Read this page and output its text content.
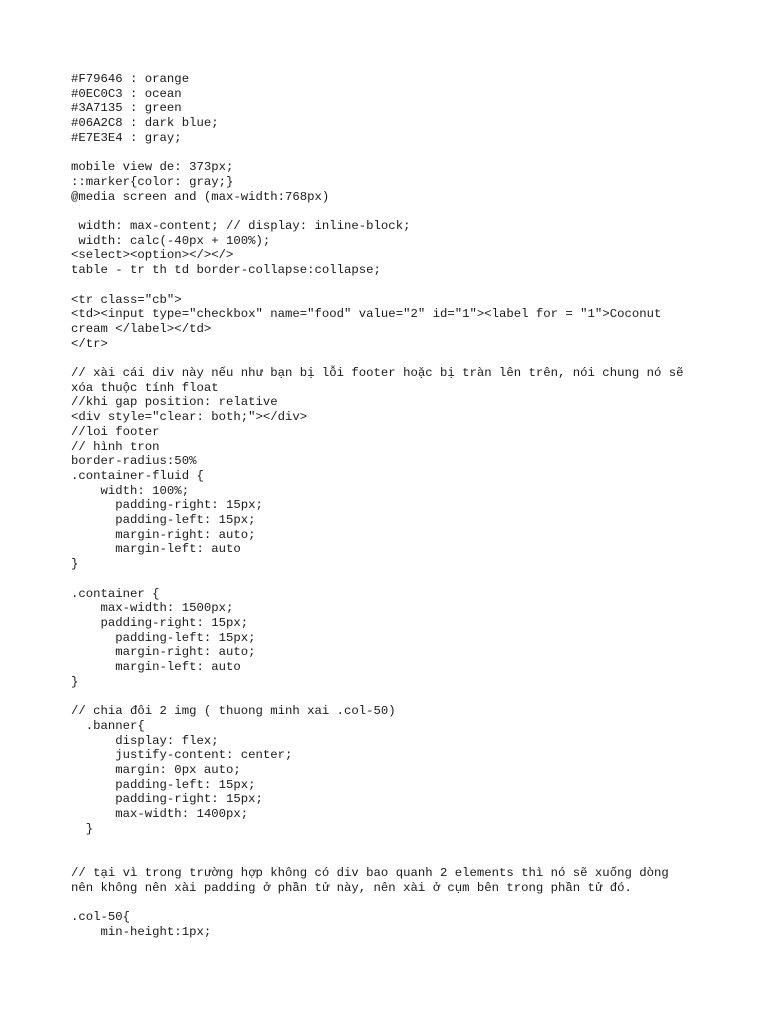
#F79646 : orange
#0EC0C3 : ocean
#3A7135 : green
#06A2C8 : dark blue;
#E7E3E4 : gray;
mobile view de: 373px;
::marker{color: gray;}
@media screen and (max-width:768px)
width: max-content; // display: inline-block;
width: calc(-40px + 100%);
<select><option></></>
table - tr th td border-collapse:collapse;
<tr class="cb">
<td><input type="checkbox" name="food" value="2" id="1"><label for = "1">Coconut
cream </label></td>
</tr>
// xài cái div này nếu như bạn bị lỗi footer hoặc bị tràn lên trên, nói chung nó sẽ
xóa thuộc tính float
//khi gap position: relative
<div style="clear: both;"></div>
//loi footer
// hình tron
border-radius:50%
.container-fluid {
width: 100%;
padding-right: 15px;
padding-left: 15px;
margin-right: auto;
margin-left: auto
}
.container {
max-width: 1500px;
padding-right: 15px;
padding-left: 15px;
margin-right: auto;
margin-left: auto
}
// chia đôi 2 img ( thuong minh xai .col-50)
.banner{
display: flex;
justify-content: center;
margin: 0px auto;
padding-left: 15px;
padding-right: 15px;
max-width: 1400px;
}
// tại vì trong trường hợp không có div bao quanh 2 elements thì nó sẽ xuống dòng
nên không nên xài padding ở phần tử này, nên xài ở cụm bên trong phần tử đó.
.col-50{
min-height:1px;
